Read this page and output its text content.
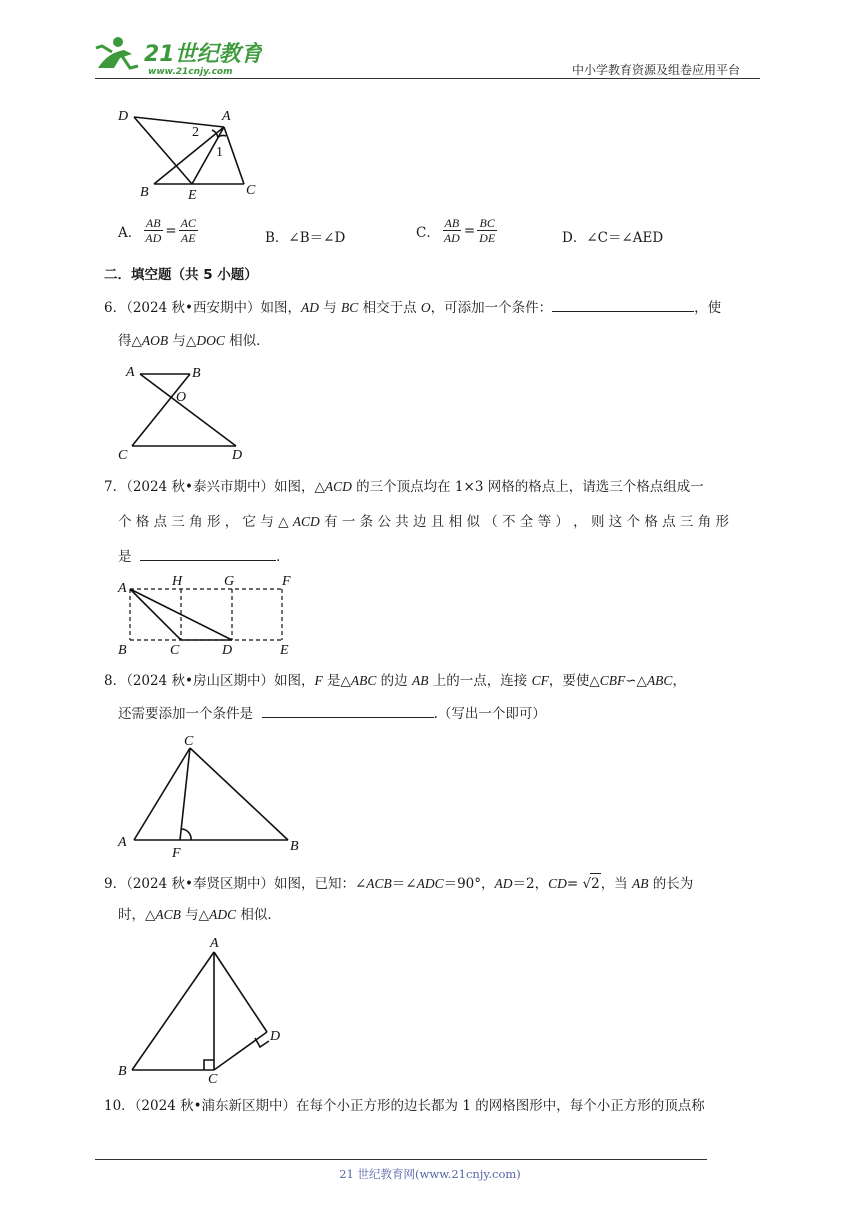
21世纪教育
www.21cnjy.com	中小学教育资源及组卷应用平台
D	A
2
1
B	E	C
A． $\frac{AB}{AD} = \frac{AC}{AE}$	B．∠B＝∠D	C． $\frac{AB}{AD} = \frac{BC}{DE}$	D．∠C＝∠AED
二．填空题（共 5 小题）
6．（2024 秋•西安期中）如图，AD 与 BC 相交于点 O，可添加一个条件：	，使
得△AOB 与△DOC 相似．
A	B
O
C	D
7．（2024 秋•泰兴市期中）如图，△ACD 的三个顶点均在 1×3 网格的格点上，请选三个格点组成一
个 格 点 三 角 形 ， 它 与 △ ACD 有 一 条 公 共 边 且 相 似 （ 不 全 等 ） ， 则 这 个 格 点 三 角 形
是	．
A	H	G	F
B	C	D	E
8．（2024 秋•房山区期中）如图，F 是△ABC 的边 AB 上的一点，连接 CF，要使△CBF∽△ABC，
还需要添加一个条件是	.（写出一个即可）
C
A
F	B
9．（2024 秋•奉贤区期中）如图，已知：∠ACB＝∠ADC＝90°，AD＝2，CD= √2，当 AB 的长为
时，△ACB 与△ADC 相似．
A
D
B
C
10．（2024 秋•浦东新区期中）在每个小正方形的边长都为 1 的网格图形中，每个小正方形的顶点称
21 世纪教育网(www.21cnjy.com)
